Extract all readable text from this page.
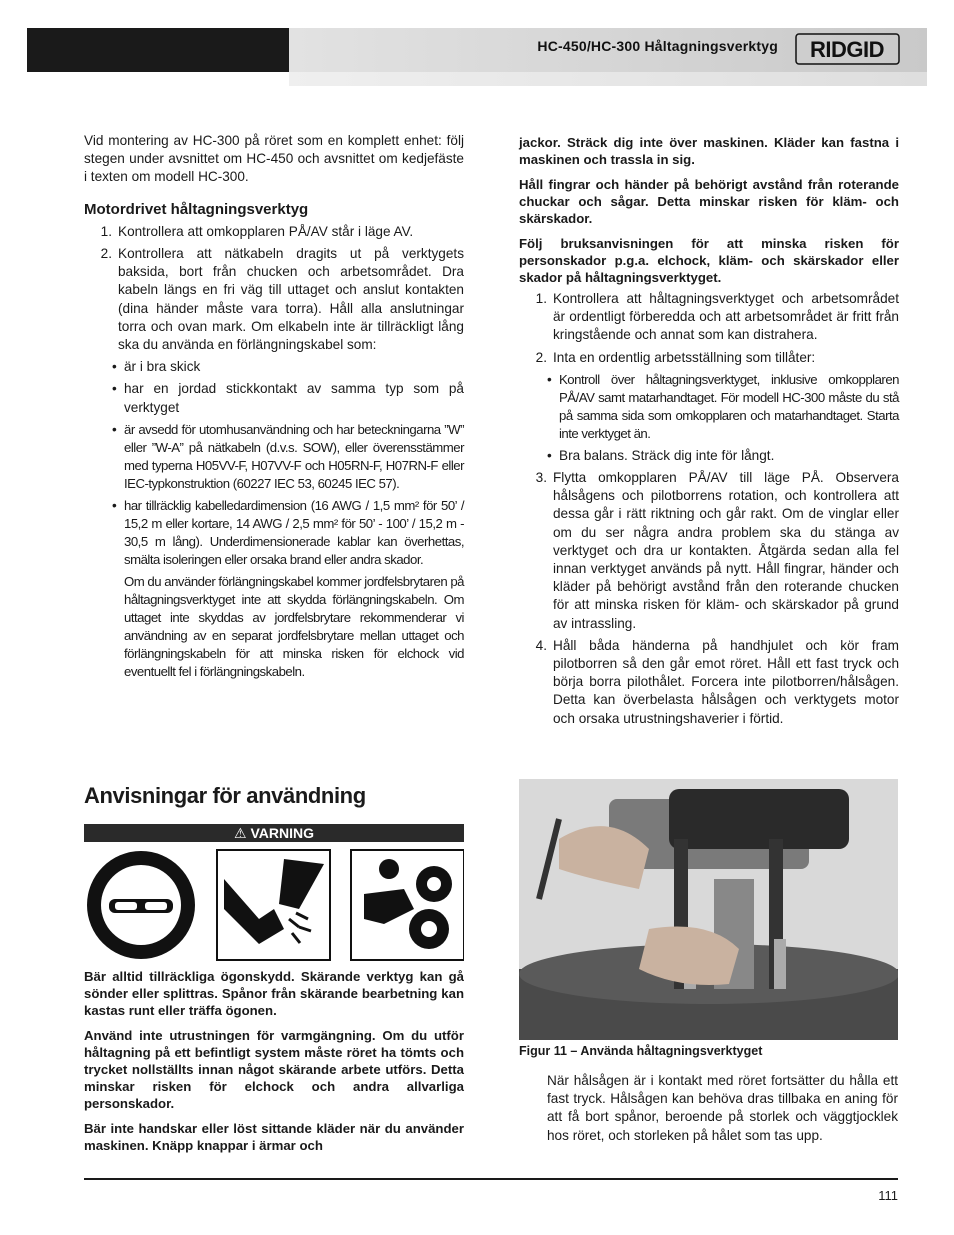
HC-450/HC-300 Håltagningsverktyg RIDGID

Vid montering av HC-300 på röret som en komplett enhet: följ stegen under avsnittet om HC-450 och avsnittet om kedjefäste i texten om modell HC-300.

Motordrivet håltagningsverktyg
1. Kontrollera att omkopplaren PÅ/AV står i läge AV.
2. Kontrollera att nätkabeln dragits ut på verktygets baksida, bort från chucken och arbetsområdet. Dra kabeln längs en fri väg till uttaget och anslut kontakten (dina händer måste vara torra). Håll alla anslutningar torra och ovan mark. Om elkabeln inte är tillräckligt lång ska du använda en förlängningskabel som:
• är i bra skick
• har en jordad stickkontakt av samma typ som på verktyget
• är avsedd för utomhusanvändning och har beteckningarna ”W” eller ”W-A” på nätkabeln (d.v.s. SOW), eller överensstämmer med typerna H05VV-F, H07VV-F och H05RN-F, H07RN-F eller IEC-typkonstruktion (60227 IEC 53, 60245 IEC 57).
• har tillräcklig kabelledardimension (16 AWG / 1,5 mm² för 50’ / 15,2 m eller kortare, 14 AWG / 2,5 mm² för 50’ - 100’ / 15,2 m - 30,5 m lång). Underdimensionerade kablar kan överhettas, smälta isoleringen eller orsaka brand eller andra skador.

Om du använder förlängningskabel kommer jordfelsbrytaren på håltagningsverktyget inte att skydda förlängningskabeln. Om uttaget inte skyddas av jordfelsbrytare rekommenderar vi användning av en separat jordfelsbrytare mellan uttaget och förlängningskabeln för att minska risken för elchock vid eventuellt fel i förlängningskabeln.

Anvisningar för användning

⚠ VARNING

Bär alltid tillräckliga ögonskydd. Skärande verktyg kan gå sönder eller splittras. Spånor från skärande bearbetning kan kastas runt eller träffa ögonen.

Använd inte utrustningen för varmgängning. Om du utför håltagning på ett befintligt system måste röret ha tömts och trycket nollställts innan något skärande arbete utförs. Detta minskar risken för elchock och andra allvarliga personskador.

Bär inte handskar eller löst sittande kläder när du använder maskinen. Knäpp knappar i ärmar och

jackor. Sträck dig inte över maskinen. Kläder kan fastna i maskinen och trassla in sig.

Håll fingrar och händer på behörigt avstånd från roterande chuckar och sågar. Detta minskar risken för kläm- och skärskador.

Följ bruksanvisningen för att minska risken för personskador p.g.a. elchock, kläm- och skärskador eller skador på håltagningsverktyget.

1. Kontrollera att håltagningsverktyget och arbetsområdet är ordentligt förberedda och att arbetsområdet är fritt från kringstående och annat som kan distrahera.
2. Inta en ordentlig arbetsställning som tillåter:
• Kontroll över håltagningsverktyget, inklusive omkopplaren PÅ/AV samt matarhandtaget. För modell HC-300 måste du stå på samma sida som omkopplaren och matarhandtaget. Starta inte verktyget än.
• Bra balans. Sträck dig inte för långt.
3. Flytta omkopplaren PÅ/AV till läge PÅ. Observera hålsågens och pilotborrens rotation, och kontrollera att dessa går i rätt riktning och går rakt. Om de vinglar eller om du ser några andra problem ska du stänga av verktyget och dra ur kontakten. Åtgärda sedan alla fel innan verktyget används på nytt. Håll fingrar, händer och kläder på behörigt avstånd från den roterande chucken för att minska risken för kläm- och skärskador på grund av intrassling.
4. Håll båda händerna på handhjulet och kör fram pilotborren så den går emot röret. Håll ett fast tryck och börja borra pilothålet. Forcera inte pilotborren/hålsågen. Detta kan överbelasta hålsågen och verktygets motor och orsaka utrustningshaverier i förtid.
Figur 11 – Använda håltagningsverktyget

När hålsågen är i kontakt med röret fortsätter du hålla ett fast tryck. Hålsågen kan behöva dras tillbaka en aning för att få bort spånor, beroende på storlek och väggtjocklek hos röret, och storleken på hålet som tas upp.

111
